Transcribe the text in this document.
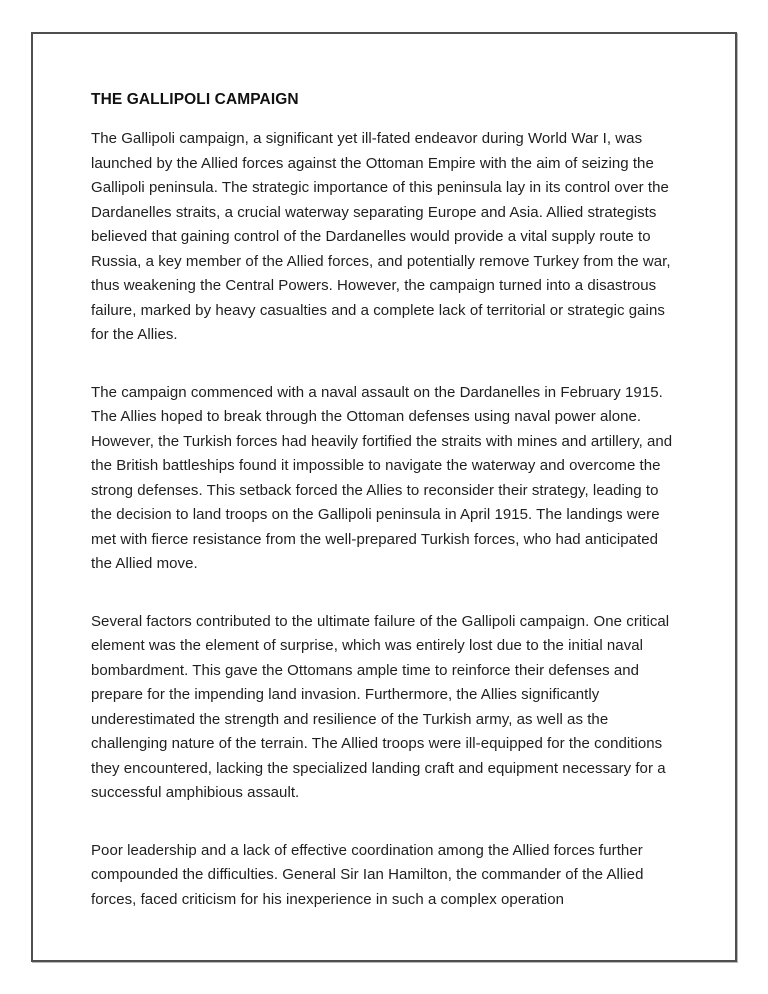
THE GALLIPOLI CAMPAIGN

The Gallipoli campaign, a significant yet ill-fated endeavor during World War I, was launched by the Allied forces against the Ottoman Empire with the aim of seizing the Gallipoli peninsula. The strategic importance of this peninsula lay in its control over the Dardanelles straits, a crucial waterway separating Europe and Asia. Allied strategists believed that gaining control of the Dardanelles would provide a vital supply route to Russia, a key member of the Allied forces, and potentially remove Turkey from the war, thus weakening the Central Powers. However, the campaign turned into a disastrous failure, marked by heavy casualties and a complete lack of territorial or strategic gains for the Allies.

The campaign commenced with a naval assault on the Dardanelles in February 1915. The Allies hoped to break through the Ottoman defenses using naval power alone. However, the Turkish forces had heavily fortified the straits with mines and artillery, and the British battleships found it impossible to navigate the waterway and overcome the strong defenses. This setback forced the Allies to reconsider their strategy, leading to the decision to land troops on the Gallipoli peninsula in April 1915. The landings were met with fierce resistance from the well-prepared Turkish forces, who had anticipated the Allied move.

Several factors contributed to the ultimate failure of the Gallipoli campaign. One critical element was the element of surprise, which was entirely lost due to the initial naval bombardment. This gave the Ottomans ample time to reinforce their defenses and prepare for the impending land invasion. Furthermore, the Allies significantly underestimated the strength and resilience of the Turkish army, as well as the challenging nature of the terrain. The Allied troops were ill-equipped for the conditions they encountered, lacking the specialized landing craft and equipment necessary for a successful amphibious assault.

Poor leadership and a lack of effective coordination among the Allied forces further compounded the difficulties. General Sir Ian Hamilton, the commander of the Allied forces, faced criticism for his inexperience in such a complex operation
